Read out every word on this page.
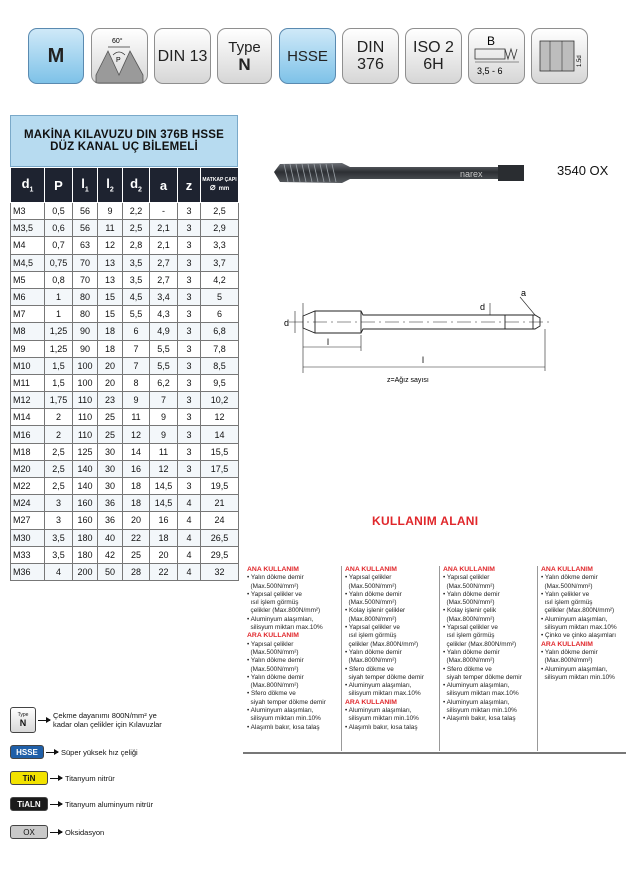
M
60°
P DIN 13 Type
N HSSE DIN
376
ISO 2
6H
B
3,5 - 6
1.5d
MAKİNA KILAVUZU DIN 376B HSSE
DÜZ KANAL UÇ BİLEMELİ
$d_1$	P	$l_1$	$l_2$	$d_2$	a	z	MATKAP ÇAPI
⌀ mm

M3	0,5	56	9	2,2	-	3	2,5
M3,5	0,6	56	11	2,5	2,1	3	2,9
M4	0,7	63	12	2,8	2,1	3	3,3
M4,5	0,75	70	13	3,5	2,7	3	3,7
M5	0,8	70	13	3,5	2,7	3	4,2
M6	1	80	15	4,5	3,4	3	5
M7	1	80	15	5,5	4,3	3	6
M8	1,25	90	18	6	4,9	3	6,8
M9	1,25	90	18	7	5,5	3	7,8
M10	1,5	100	20	7	5,5	3	8,5
M11	1,5	100	20	8	6,2	3	9,5
M12	1,75	110	23	9	7	3	10,2
M14	2	110	25	11	9	3	12
M16	2	110	25	12	9	3	14
M18	2,5	125	30	14	11	3	15,5
M20	2,5	140	30	16	12	3	17,5
M22	2,5	140	30	18	14,5	3	19,5
M24	3	160	36	18	14,5	4	21
M27	3	160	36	20	16	4	24
M30	3,5	180	40	22	18	4	26,5
M33	3,5	180	42	25	20	4	29,5
M36	4	200	50	28	22	4	32
narex	3540 OX
d
d
a
l
l
z=Ağız sayısı
KULLANIM ALANI
ANA KULLANIM
• Yalın dökme demir
(Max.500N/mm²)
• Yapısal çelikler ve
ısıl işlem görmüş
çelikler (Max.800N/mm²)
• Aluminyum alaşımları,
silisyum miktarı max.10%
ARA KULLANIM
• Yapısal çelikler
(Max.500N/mm²)
• Yalın dökme demir
(Max.500N/mm²)
• Yalın dökme demir
(Max.800N/mm²)
• Sfero dökme ve
siyah temper dökme demir
• Aluminyum alaşımları,
silisyum miktarı min.10%
• Alaşımlı bakır, kısa talaş
ANA KULLANIM
• Yapısal çelikler
(Max.500N/mm²)
• Yalın dökme demir
(Max.500N/mm²)
• Kolay işlenir çelikler
(Max.800N/mm²)
• Yapısal çelikler ve
ısıl işlem görmüş
çelikler (Max.800N/mm²)
• Yalın dökme demir
(Max.800N/mm²)
• Sfero dökme ve
siyah temper dökme demir
• Aluminyum alaşımları,
silisyum miktarı max.10%
ARA KULLANIM
• Aluminyum alaşımları,
silisyum miktarı min.10%
• Alaşımlı bakır, kısa talaş
ANA KULLANIM
• Yapısal çelikler
(Max.500N/mm²)
• Yalın dökme demir
(Max.500N/mm²)
• Kolay işlenir çelik
(Max.800N/mm²)
• Yapısal çelikler ve
ısıl işlem görmüş
çelikler (Max.800N/mm²)
• Yalın dökme demir
(Max.800N/mm²)
• Sfero dökme ve
siyah temper dökme demir
• Aluminyum alaşımları,
silisyum miktarı max.10%
• Aluminyum alaşımları,
silisyum miktarı min.10%
• Alaşımlı bakır, kısa talaş
ANA KULLANIM
• Yalın dökme demir
(Max.500N/mm²)
• Yalın çelikler ve
ısıl işlem görmüş
çelikler (Max.800N/mm²)
• Aluminyum alaşımları,
silisyum miktarı max.10%
• Çinko ve çinko alaşımları
ARA KULLANIM
• Yalın dökme demir
(Max.800N/mm²)
• Aluminyum alaşımları,
silisyum miktarı min.10%
Type
N
Çekme dayanımı 800N/mm² ye
kadar olan çelikler için Kılavuzlar
HSSE	Süper yüksek hız çeliği
TiN	Titanyum nitrür
TiALN	Titanyum aluminyum nitrür
OX	Oksidasyon
